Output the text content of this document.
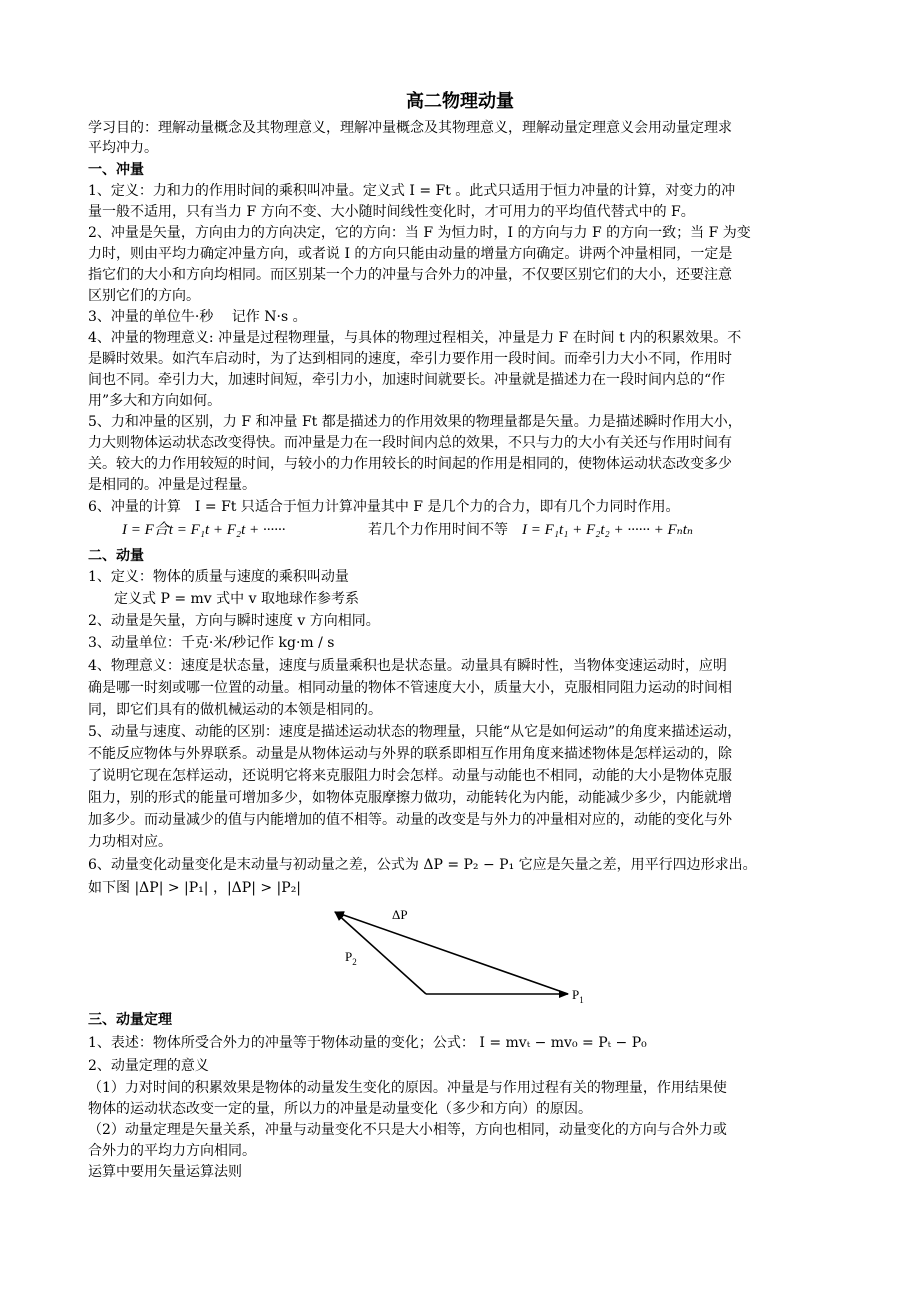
高二物理动量
学习目的：理解动量概念及其物理意义，理解冲量概念及其物理意义，理解动量定理意义会用动量定理求
平均冲力。
一、冲量
1、定义：力和力的作用时间的乘积叫冲量。定义式 I = Ft 。此式只适用于恒力冲量的计算，对变力的冲
量一般不适用，只有当力 F 方向不变、大小随时间线性变化时，才可用力的平均值代替式中的 F。
2、冲量是矢量，方向由力的方向决定，它的方向：当 F 为恒力时，I 的方向与力 F 的方向一致；当 F 为变
力时，则由平均力确定冲量方向，或者说 I 的方向只能由动量的增量方向确定。讲两个冲量相同，一定是
指它们的大小和方向均相同。而区别某一个力的冲量与合外力的冲量，不仅要区别它们的大小，还要注意
区别它们的方向。
3、冲量的单位牛·秒　 记作 N·s 。
4、冲量的物理意义: 冲量是过程物理量，与具体的物理过程相关，冲量是力 F 在时间 t 内的积累效果。不
是瞬时效果。如汽车启动时，为了达到相同的速度，牵引力要作用一段时间。而牵引力大小不同，作用时
间也不同。牵引力大，加速时间短，牵引力小，加速时间就要长。冲量就是描述力在一段时间内总的“作
用”多大和方向如何。
5、力和冲量的区别，力 F 和冲量 Ft 都是描述力的作用效果的物理量都是矢量。力是描述瞬时作用大小，
力大则物体运动状态改变得快。而冲量是力在一段时间内总的效果，不只与力的大小有关还与作用时间有
关。较大的力作用较短的时间，与较小的力作用较长的时间起的作用是相同的，使物体运动状态改变多少
是相同的。冲量是过程量。
6、冲量的计算　I = Ft 只适合于恒力计算冲量其中 F 是几个力的合力，即有几个力同时作用。
I = F合t = F₁t + F₂t + ······	若几个力作用时间不等 I = F₁t₁ + F₂t₂ + ······ + Fₙtₙ
二、动量
1、定义：物体的质量与速度的乘积叫动量
定义式 P = mv 式中 v 取地球作参考系
2、动量是矢量，方向与瞬时速度 v 方向相同。
3、动量单位：千克·米/秒记作 kg·m / s
4、物理意义：速度是状态量，速度与质量乘积也是状态量。动量具有瞬时性，当物体变速运动时，应明
确是哪一时刻或哪一位置的动量。相同动量的物体不管速度大小，质量大小，克服相同阻力运动的时间相
同，即它们具有的做机械运动的本领是相同的。
5、动量与速度、动能的区别：速度是描述运动状态的物理量，只能“从它是如何运动”的角度来描述运动，
不能反应物体与外界联系。动量是从物体运动与外界的联系即相互作用角度来描述物体是怎样运动的，除
了说明它现在怎样运动，还说明它将来克服阻力时会怎样。动量与动能也不相同，动能的大小是物体克服
阻力，别的形式的能量可增加多少，如物体克服摩擦力做功，动能转化为内能，动能减少多少，内能就增
加多少。而动量减少的值与内能增加的值不相等。动量的改变是与外力的冲量相对应的，动能的变化与外
力功相对应。
6、动量变化动量变化是末动量与初动量之差，公式为 ΔP = P₂ − P₁ 它应是矢量之差，用平行四边形求出。
如下图 |ΔP| > |P₁| ，|ΔP| > |P₂|
ΔP
$P_2$
$P_1$
三、动量定理
1、表述：物体所受合外力的冲量等于物体动量的变化；公式： I = mvₜ − mv₀ = Pₜ − P₀
2、动量定理的意义
（1）力对时间的积累效果是物体的动量发生变化的原因。冲量是与作用过程有关的物理量，作用结果使
物体的运动状态改变一定的量，所以力的冲量是动量变化（多少和方向）的原因。
（2）动量定理是矢量关系，冲量与动量变化不只是大小相等，方向也相同，动量变化的方向与合外力或
合外力的平均力方向相同。
运算中要用矢量运算法则
